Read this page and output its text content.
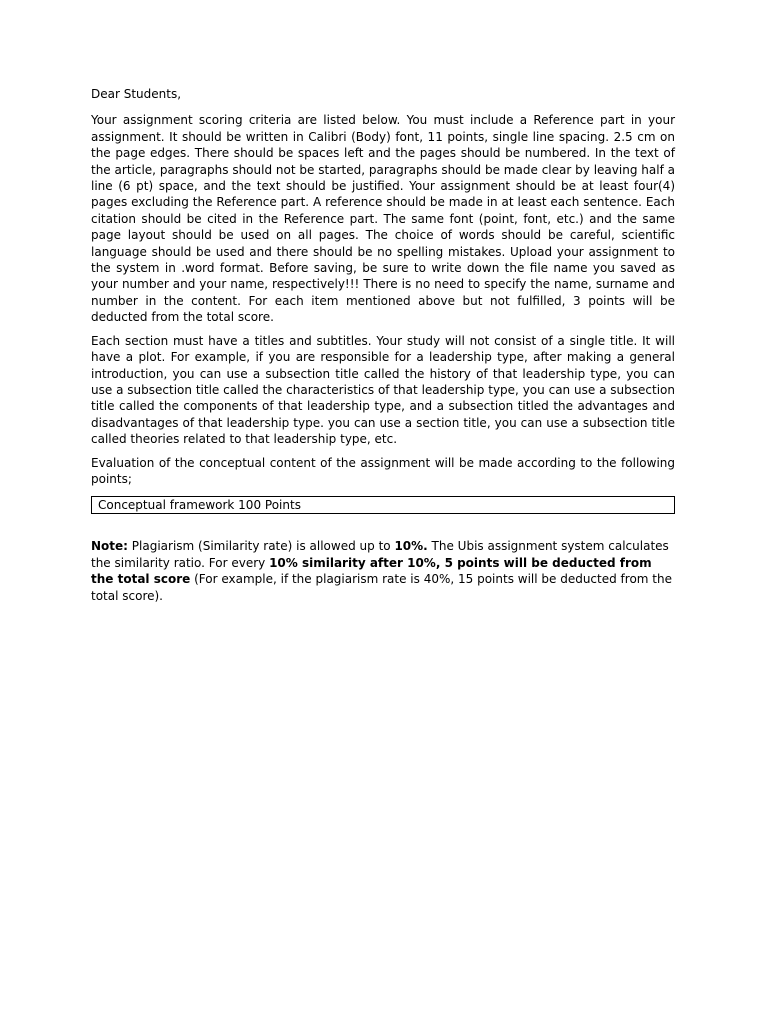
Dear Students,

Your assignment scoring criteria are listed below. You must include a Reference part in your assignment. It should be written in Calibri (Body) font, 11 points, single line spacing. 2.5 cm on the page edges. There should be spaces left and the pages should be numbered. In the text of the article, paragraphs should not be started, paragraphs should be made clear by leaving half a line (6 pt) space, and the text should be justified. Your assignment should be at least four(4) pages excluding the Reference part. A reference should be made in at least each sentence. Each citation should be cited in the Reference part. The same font (point, font, etc.) and the same page layout should be used on all pages. The choice of words should be careful, scientific language should be used and there should be no spelling mistakes. Upload your assignment to the system in .word format. Before saving, be sure to write down the file name you saved as your number and your name, respectively!!! There is no need to specify the name, surname and number in the content. For each item mentioned above but not fulfilled, 3 points will be deducted from the total score.

Each section must have a titles and subtitles. Your study will not consist of a single title. It will have a plot. For example, if you are responsible for a leadership type, after making a general introduction, you can use a subsection title called the history of that leadership type, you can use a subsection title called the characteristics of that leadership type, you can use a subsection title called the components of that leadership type, and a subsection titled the advantages and disadvantages of that leadership type. you can use a section title, you can use a subsection title called theories related to that leadership type, etc.

Evaluation of the conceptual content of the assignment will be made according to the following points;

Conceptual framework 100 Points

Note: Plagiarism (Similarity rate) is allowed up to 10%. The Ubis assignment system calculates the similarity ratio. For every 10% similarity after 10%, 5 points will be deducted from the total score (For example, if the plagiarism rate is 40%, 15 points will be deducted from the total score).
